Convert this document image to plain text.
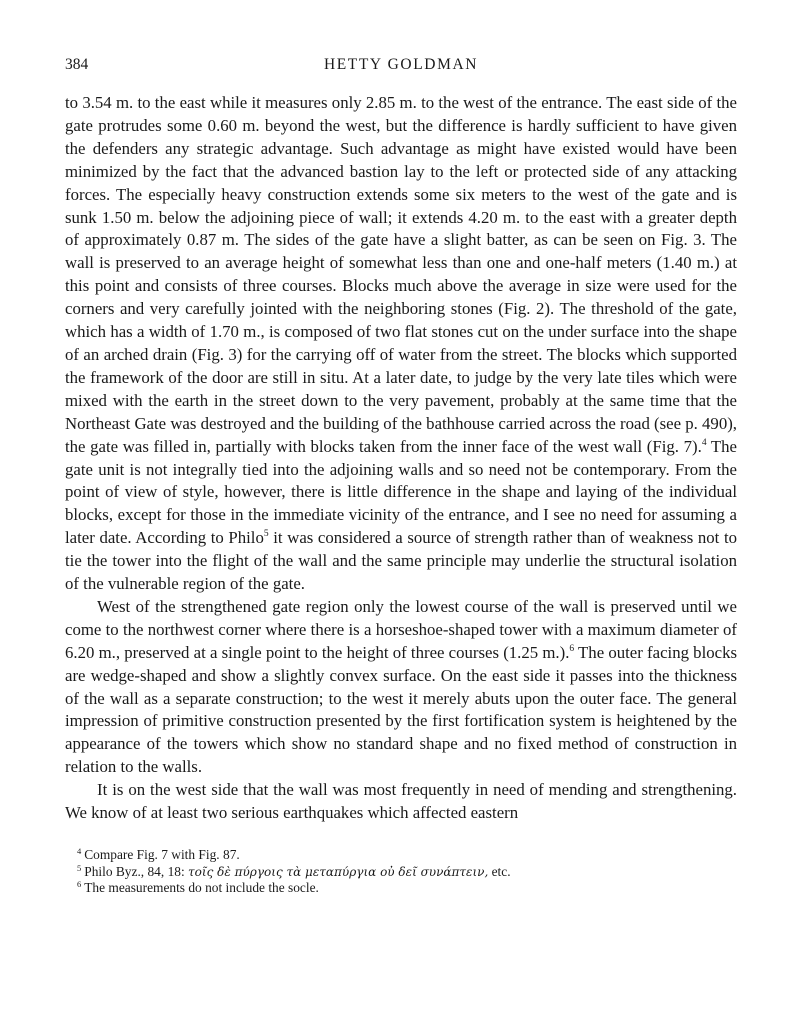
384	HETTY GOLDMAN

to 3.54 m. to the east while it measures only 2.85 m. to the west of the entrance. The east side of the gate protrudes some 0.60 m. beyond the west, but the difference is hardly sufficient to have given the defenders any strategic advantage. Such advantage as might have existed would have been minimized by the fact that the advanced bastion lay to the left or protected side of any attacking forces. The especially heavy construction extends some six meters to the west of the gate and is sunk 1.50 m. below the adjoining piece of wall; it extends 4.20 m. to the east with a greater depth of approximately 0.87 m. The sides of the gate have a slight batter, as can be seen on Fig. 3. The wall is preserved to an average height of somewhat less than one and one-half meters (1.40 m.) at this point and consists of three courses. Blocks much above the average in size were used for the corners and very carefully jointed with the neighboring stones (Fig. 2). The threshold of the gate, which has a width of 1.70 m., is composed of two flat stones cut on the under surface into the shape of an arched drain (Fig. 3) for the carrying off of water from the street. The blocks which supported the framework of the door are still in situ. At a later date, to judge by the very late tiles which were mixed with the earth in the street down to the very pavement, probably at the same time that the Northeast Gate was destroyed and the building of the bathhouse carried across the road (see p. 490), the gate was filled in, partially with blocks taken from the inner face of the west wall (Fig. 7).$^4$ The gate unit is not integrally tied into the adjoining walls and so need not be contemporary. From the point of view of style, however, there is little difference in the shape and laying of the individual blocks, except for those in the immediate vicinity of the entrance, and I see no need for assuming a later date. According to Philo$^5$ it was considered a source of strength rather than of weakness not to tie the tower into the flight of the wall and the same principle may underlie the structural isolation of the vulnerable region of the gate.

West of the strengthened gate region only the lowest course of the wall is preserved until we come to the northwest corner where there is a horseshoe-shaped tower with a maximum diameter of 6.20 m., preserved at a single point to the height of three courses (1.25 m.).$^6$ The outer facing blocks are wedge-shaped and show a slightly convex surface. On the east side it passes into the thickness of the wall as a separate construction; to the west it merely abuts upon the outer face. The general impression of primitive construction presented by the first fortification system is heightened by the appearance of the towers which show no standard shape and no fixed method of construction in relation to the walls.

It is on the west side that the wall was most frequently in need of mending and strengthening. We know of at least two serious earthquakes which affected eastern

$^4$ Compare Fig. 7 with Fig. 87.

$^5$ Philo Byz., 84, 18: τοῖς δὲ πύργοις τὰ μεταπύργια οὐ δεῖ συνάπτειν, etc.

$^6$ The measurements do not include the socle.
